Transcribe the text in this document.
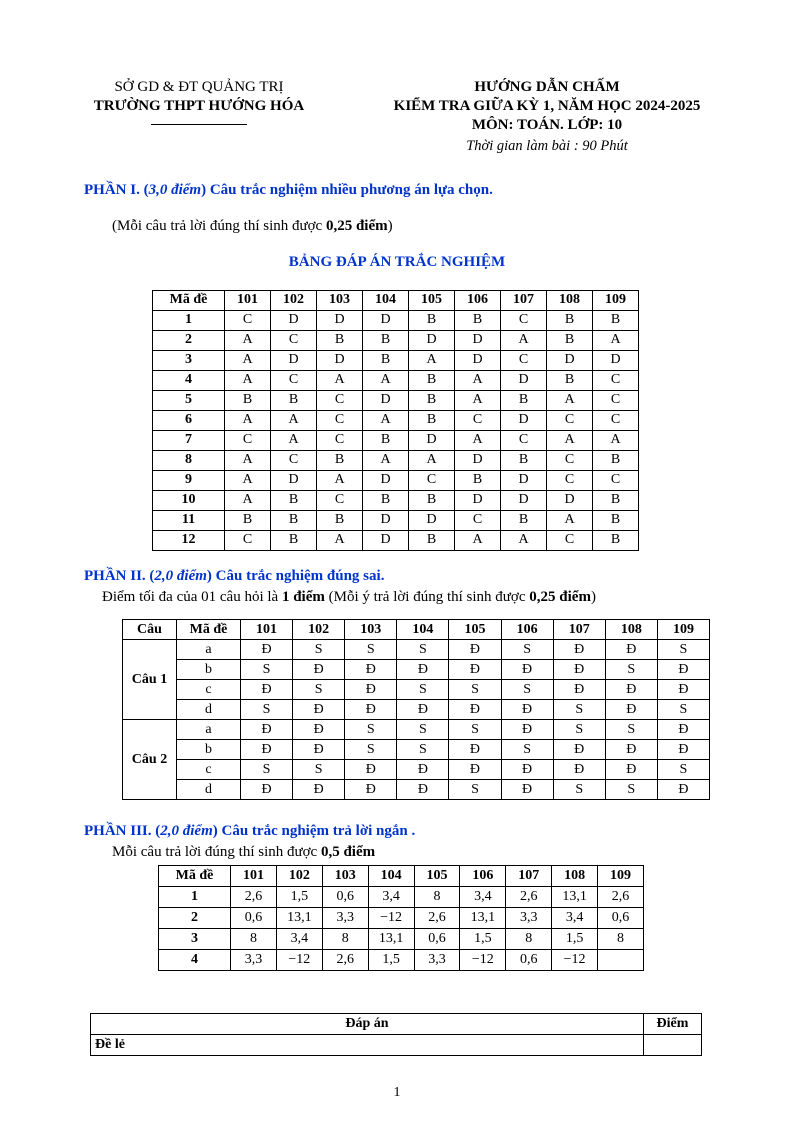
SỞ GD & ĐT QUẢNG TRỊ
TRƯỜNG THPT HƯỚNG HÓA
HƯỚNG DẪN CHẤM
KIỂM TRA GIỮA KỲ 1, NĂM HỌC 2024-2025
MÔN: TOÁN. LỚP: 10
Thời gian làm bài : 90 Phút
PHẦN I. (3,0 điểm) Câu trắc nghiệm nhiều phương án lựa chọn.

(Mỗi câu trả lời đúng thí sinh được 0,25 điểm)

BẢNG ĐÁP ÁN TRẮC NGHIỆM

Mã đề	101	102	103	104	105	106	107	108	109
1	C	D	D	D	B	B	C	B	B
2	A	C	B	B	D	D	A	B	A
3	A	D	D	B	A	D	C	D	D
4	A	C	A	A	B	A	D	B	C
5	B	B	C	D	B	A	B	A	C
6	A	A	C	A	B	C	D	C	C
7	C	A	C	B	D	A	C	A	A
8	A	C	B	A	A	D	B	C	B
9	A	D	A	D	C	B	D	C	C
10	A	B	C	B	B	D	D	D	B
11	B	B	B	D	D	C	B	A	B
12	C	B	A	D	B	A	A	C	B
PHẦN II. (2,0 điểm) Câu trắc nghiệm đúng sai.

Điểm tối đa của 01 câu hỏi là 1 điểm (Mỗi ý trả lời đúng thí sinh được 0,25 điểm)

Câu	Mã đề	101	102	103	104	105	106	107	108	109
Câu 1	a	Đ	S	S	S	Đ	S	Đ	Đ	S
	b	S	Đ	Đ	Đ	Đ	Đ	Đ	S	Đ
	c	Đ	S	Đ	S	S	S	Đ	Đ	Đ
	d	S	Đ	Đ	Đ	Đ	Đ	S	Đ	S
Câu 2	a	Đ	Đ	S	S	S	Đ	S	S	Đ
	b	Đ	Đ	S	S	Đ	S	Đ	Đ	Đ
	c	S	S	Đ	Đ	Đ	Đ	Đ	Đ	S
	d	Đ	Đ	Đ	Đ	S	Đ	S	S	Đ
PHẦN III. (2,0 điểm) Câu trắc nghiệm trả lời ngắn .

Mỗi câu trả lời đúng thí sinh được 0,5 điểm

Mã đề	101	102	103	104	105	106	107	108	109
1	2,6	1,5	0,6	3,4	8	3,4	2,6	13,1	2,6
2	0,6	13,1	3,3	−12	2,6	13,1	3,3	3,4	0,6
3	8	3,4	8	13,1	0,6	1,5	8	1,5	8
4	3,3	−12	2,6	1,5	3,3	−12	0,6	−12	
Đáp án	Điểm
Đề lẻ	
1
